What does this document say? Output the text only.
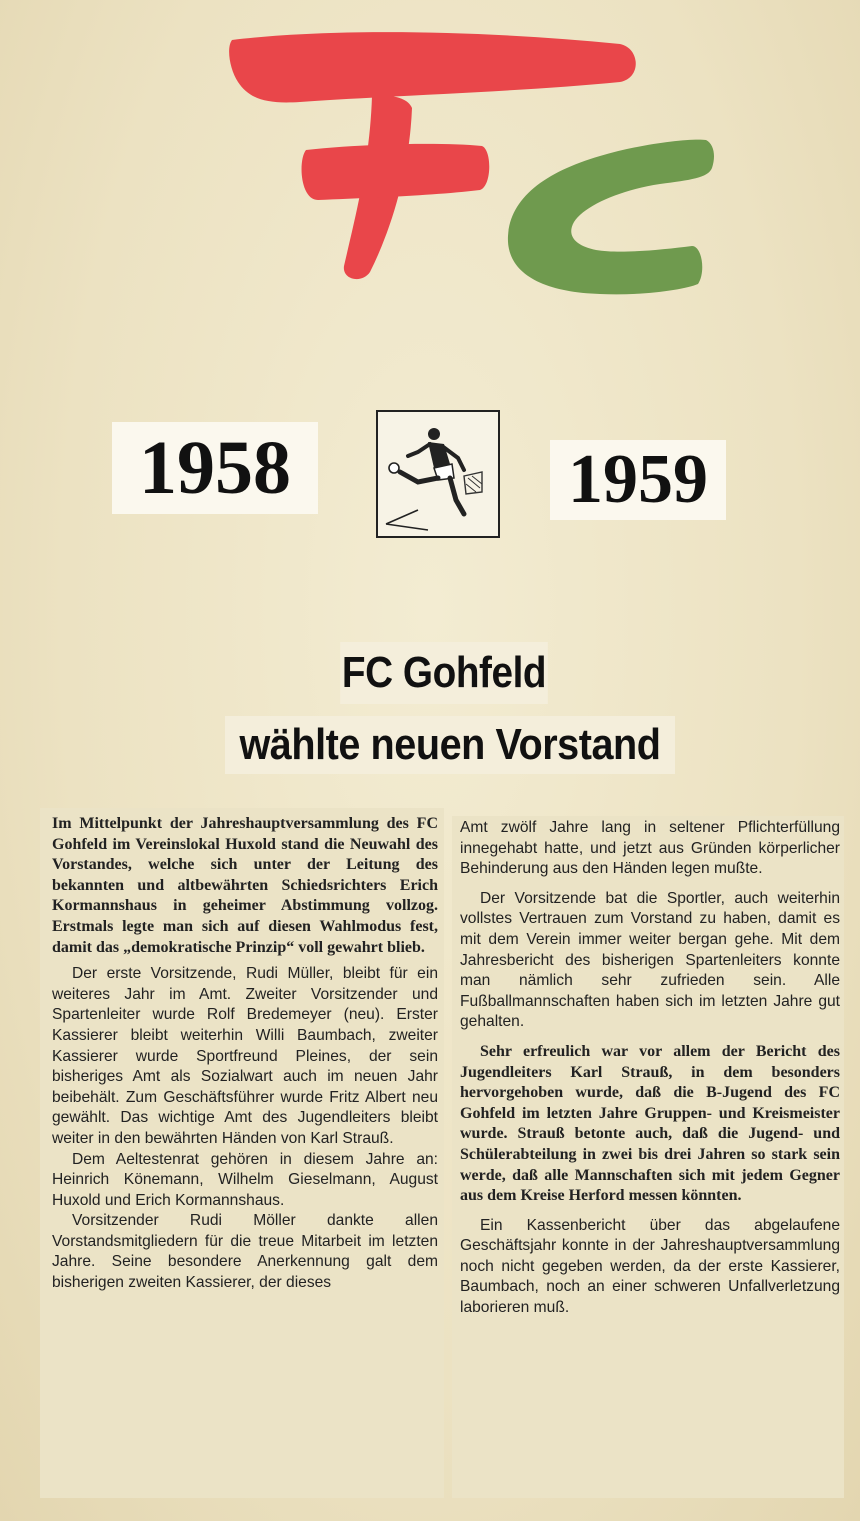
1958	1959
FC Gohfeld
wählte neuen Vorstand

Im Mittelpunkt der Jahreshauptversammlung des FC Gohfeld im Vereinslokal Huxold stand die Neuwahl des Vorstandes, welche sich unter der Leitung des bekannten und altbewährten Schiedsrichters Erich Kormannshaus in geheimer Abstimmung vollzog. Erstmals legte man sich auf diesen Wahlmodus fest, damit das „demokratische Prinzip“ voll gewahrt blieb.

Der erste Vorsitzende, Rudi Müller, bleibt für ein weiteres Jahr im Amt. Zweiter Vorsitzender und Spartenleiter wurde Rolf Bredemeyer (neu). Erster Kassierer bleibt weiterhin Willi Baumbach, zweiter Kassierer wurde Sportfreund Pleines, der sein bisheriges Amt als Sozialwart auch im neuen Jahr beibehält. Zum Geschäftsführer wurde Fritz Albert neu gewählt. Das wichtige Amt des Jugendleiters bleibt weiter in den bewährten Händen von Karl Strauß.

Dem Aeltestenrat gehören in diesem Jahre an: Heinrich Könemann, Wilhelm Gieselmann, August Huxold und Erich Kormannshaus.

Vorsitzender Rudi Möller dankte allen Vorstandsmitgliedern für die treue Mitarbeit im letzten Jahre. Seine besondere Anerkennung galt dem bisherigen zweiten Kassierer, der dieses

Amt zwölf Jahre lang in seltener Pflichterfüllung innegehabt hatte, und jetzt aus Gründen körperlicher Behinderung aus den Händen legen mußte.

Der Vorsitzende bat die Sportler, auch weiterhin vollstes Vertrauen zum Vorstand zu haben, damit es mit dem Verein immer weiter bergan gehe. Mit dem Jahresbericht des bisherigen Spartenleiters konnte man nämlich sehr zufrieden sein. Alle Fußballmannschaften haben sich im letzten Jahre gut gehalten.

Sehr erfreulich war vor allem der Bericht des Jugendleiters Karl Strauß, in dem besonders hervorgehoben wurde, daß die B-Jugend des FC Gohfeld im letzten Jahre Gruppen- und Kreismeister wurde. Strauß betonte auch, daß die Jugend- und Schülerabteilung in zwei bis drei Jahren so stark sein werde, daß alle Mannschaften sich mit jedem Gegner aus dem Kreise Herford messen könnten.

Ein Kassenbericht über das abgelaufene Geschäftsjahr konnte in der Jahreshauptversammlung noch nicht gegeben werden, da der erste Kassierer, Baumbach, noch an einer schweren Unfallverletzung laborieren muß.
